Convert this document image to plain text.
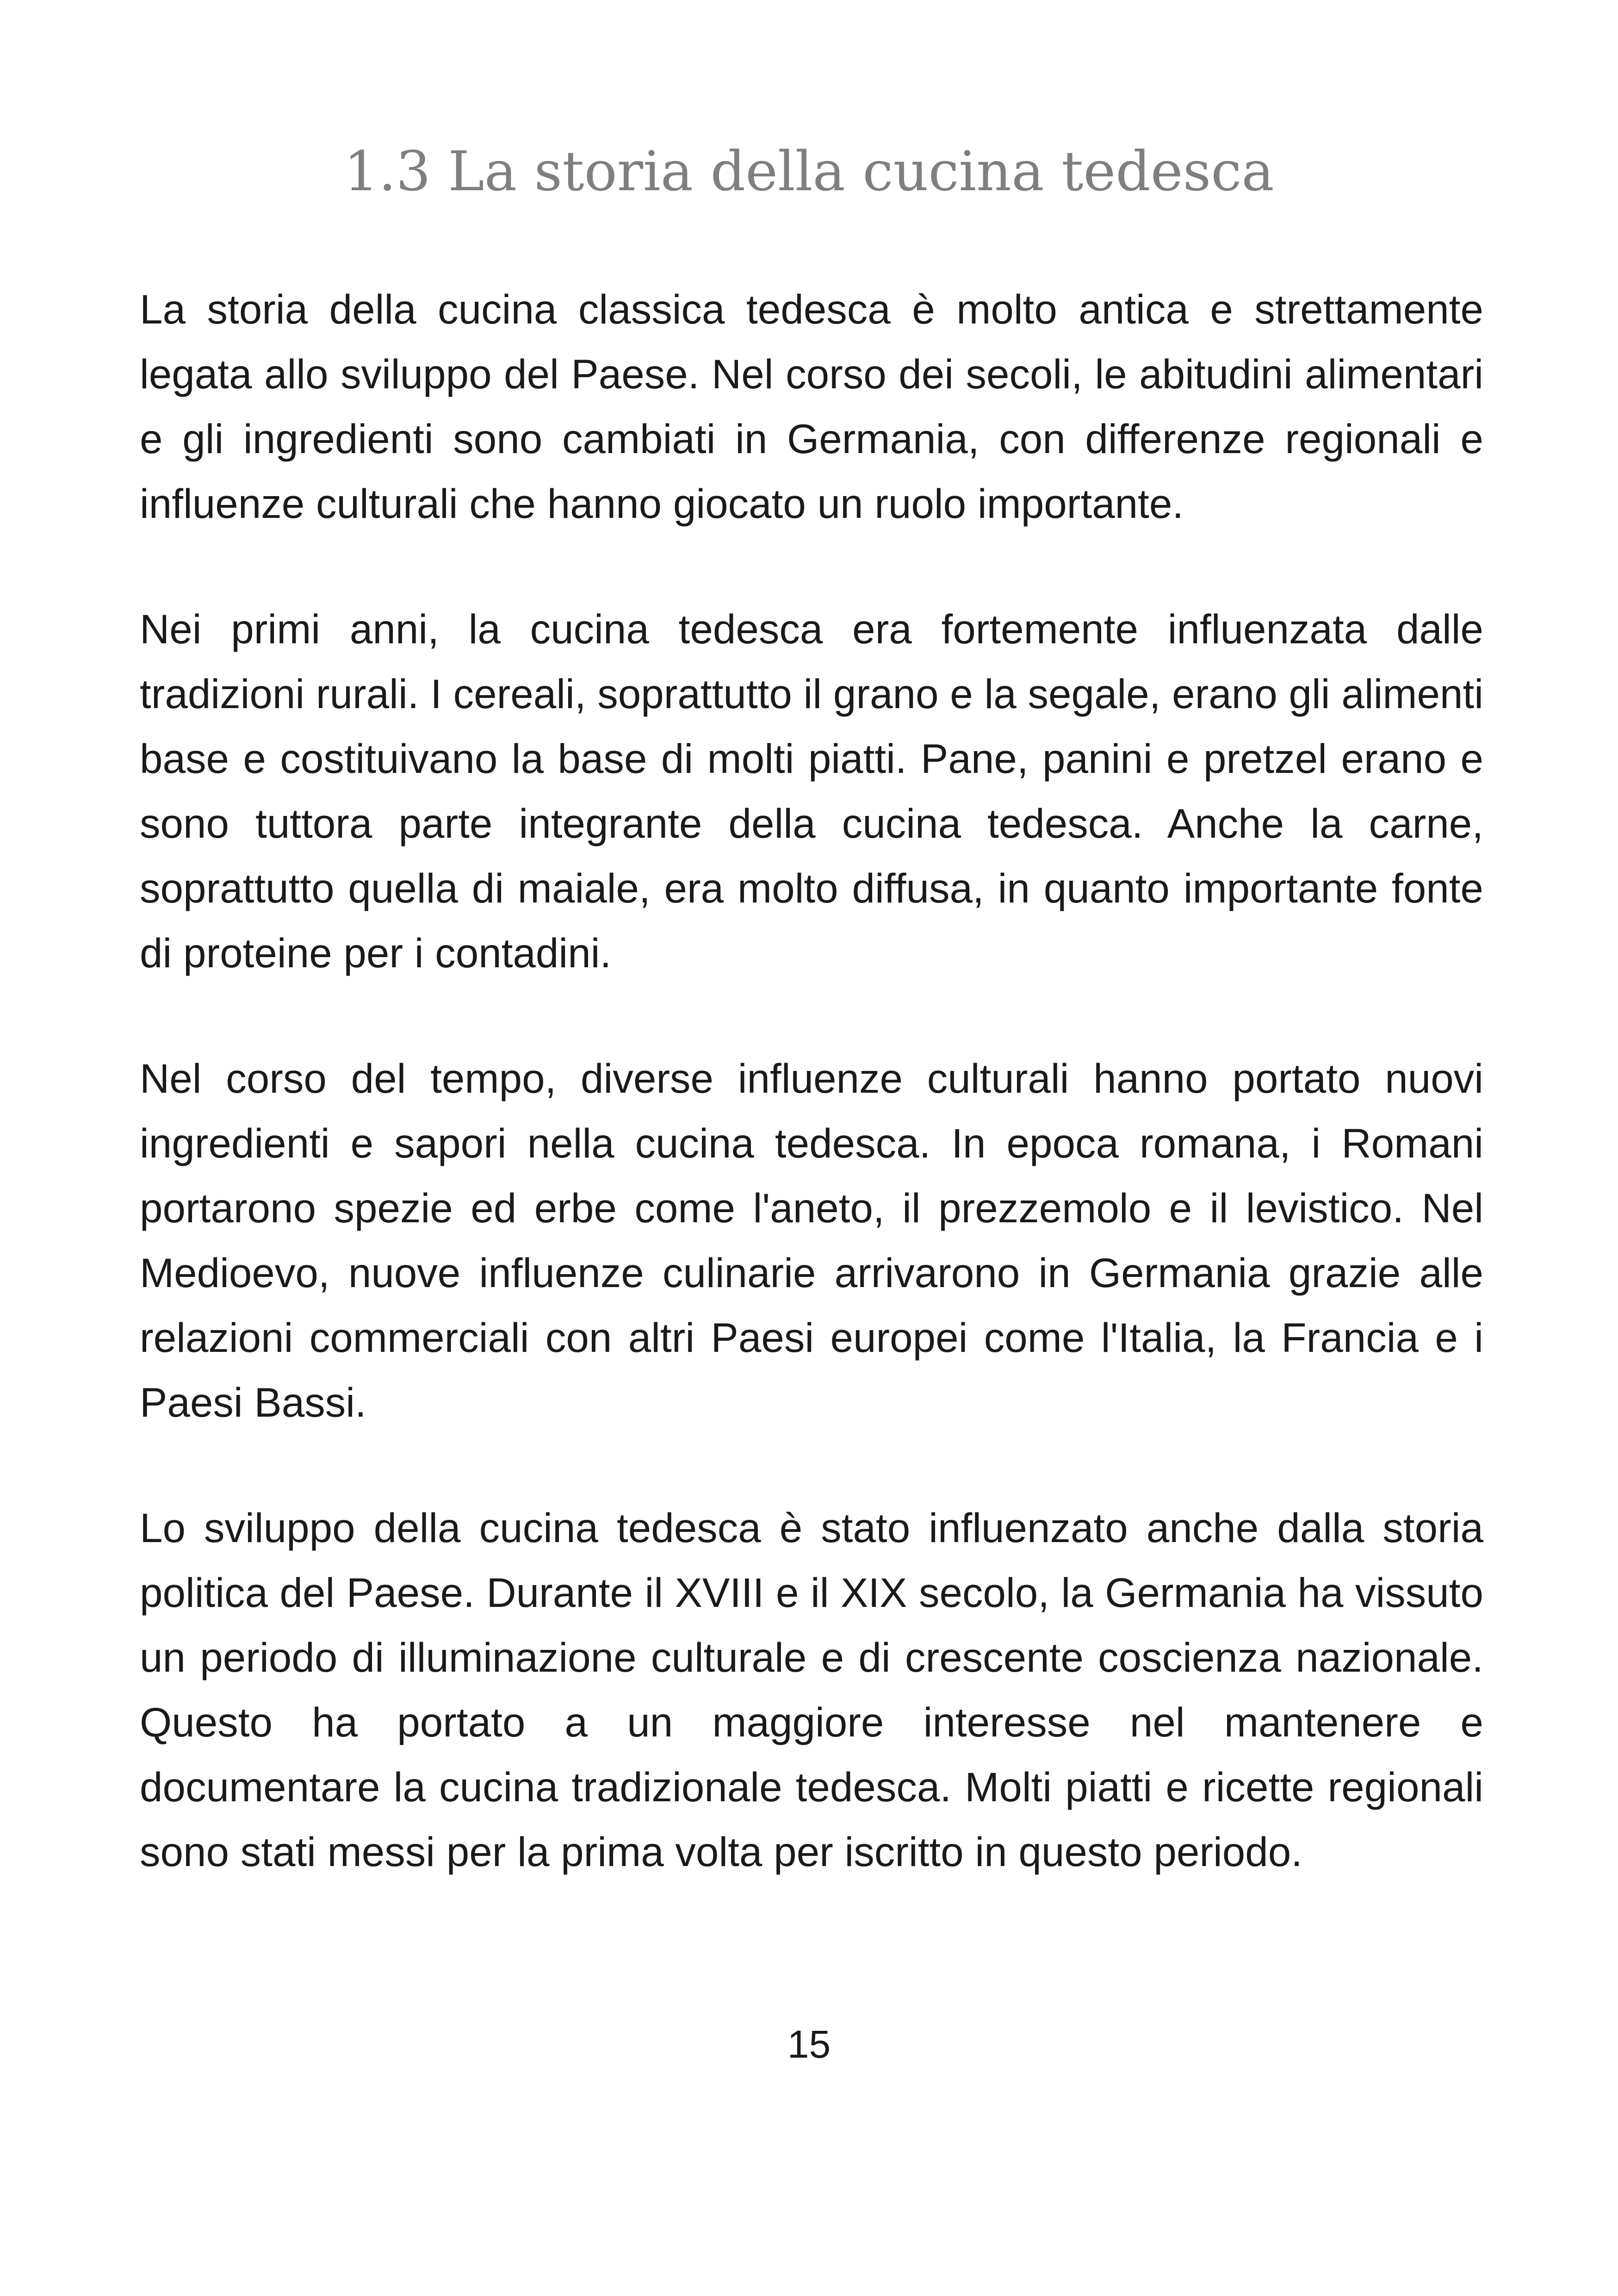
1.3 La storia della cucina tedesca

La storia della cucina classica tedesca è molto antica e strettamente legata allo sviluppo del Paese. Nel corso dei secoli, le abitudini alimentari e gli ingredienti sono cambiati in Germania, con differenze regionali e influenze culturali che hanno giocato un ruolo importante.

Nei primi anni, la cucina tedesca era fortemente influenzata dalle tradizioni rurali. I cereali, soprattutto il grano e la segale, erano gli alimenti base e costituivano la base di molti piatti. Pane, panini e pretzel erano e sono tuttora parte integrante della cucina tedesca. Anche la carne, soprattutto quella di maiale, era molto diffusa, in quanto importante fonte di proteine per i contadini.

Nel corso del tempo, diverse influenze culturali hanno portato nuovi ingredienti e sapori nella cucina tedesca. In epoca romana, i Romani portarono spezie ed erbe come l'aneto, il prezzemolo e il levistico. Nel Medioevo, nuove influenze culinarie arrivarono in Germania grazie alle relazioni commerciali con altri Paesi europei come l'Italia, la Francia e i Paesi Bassi.

Lo sviluppo della cucina tedesca è stato influenzato anche dalla storia politica del Paese. Durante il XVIII e il XIX secolo, la Germania ha vissuto un periodo di illuminazione culturale e di crescente coscienza nazionale. Questo ha portato a un maggiore interesse nel mantenere e documentare la cucina tradizionale tedesca. Molti piatti e ricette regionali sono stati messi per la prima volta per iscritto in questo periodo.

15
